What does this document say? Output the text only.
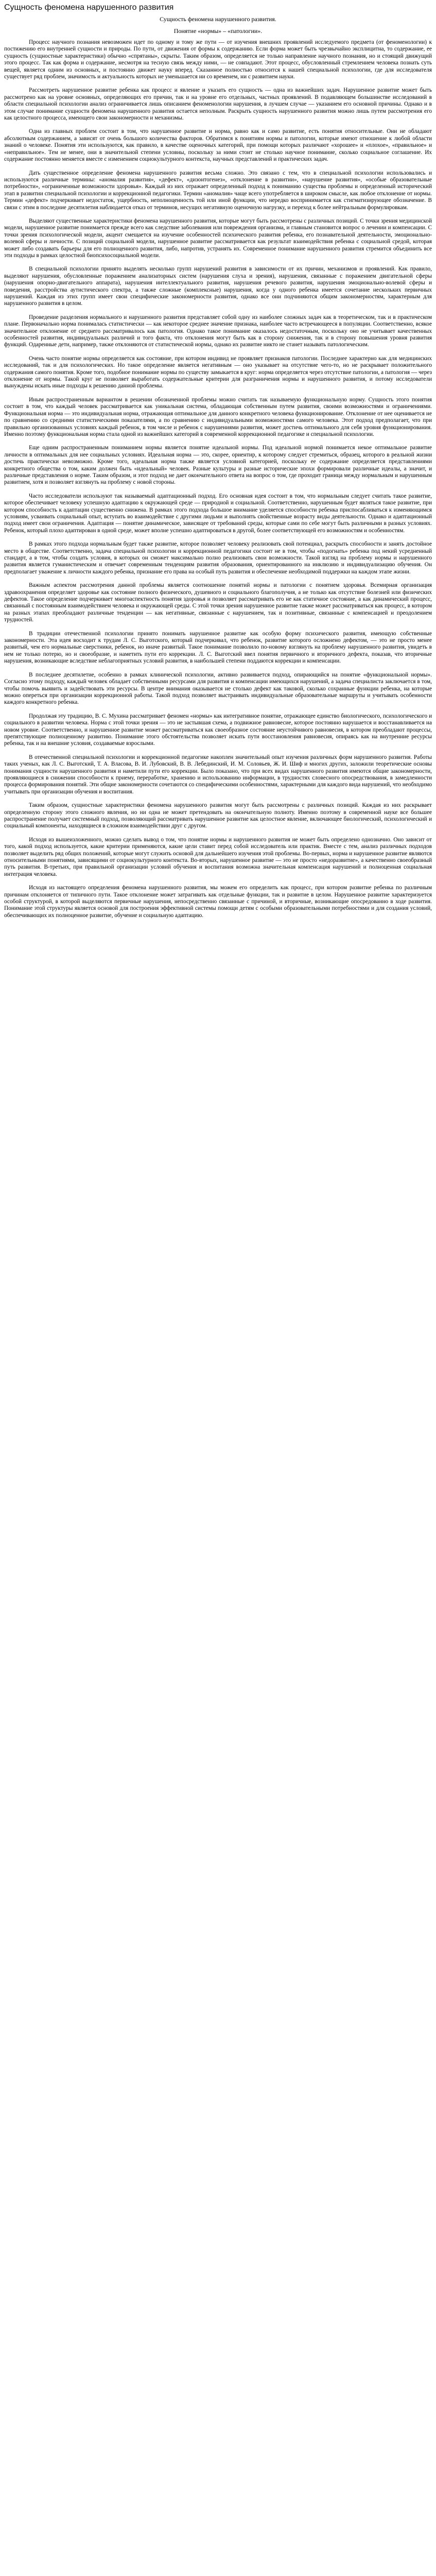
Сущность феномена нарушенного развития
Сущность феномена нарушенного развития.
Понятие «нормы» – «патологии».

Процесс научного познания невозможен идет по одному и тому же пути — от изучения внешних проявлений исследуемого предмета (от феноменологии) к постижению его внутренней сущности и природы. По пути, от движения от формы к содержанию. Если форма может быть чрезвычайно эксплицитна, то содержание, ее сущность (сущностные характеристики) обычно «спрятаны», скрыты. Таким образом, определяется не только направление научного познания, но и стоящий движущий этого процесс. Так как форма и содержание, несмотря на тесную связь между ними, — не совпадают. Этот процесс, обусловленный стремлением человека познать суть вещей, является одним из основных, и постоянно движет науку вперед. Сказанное полностью относится к нашей специальной психологии, где для исследователя существует ряд проблем, значимость и актуальность которых не уменьшается ни со временем, ни с развитием науки.

Рассмотреть нарушенное развитие ребенка как процесс и явление и указать его сущность — одна из важнейших задач. Нарушенное развитие может быть рассмотрено как на уровне основных, определяющих его причин, так и на уровне его отдельных, частных проявлений. В подавляющем большинстве исследований в области специальной психологии анализ ограничивается лишь описанием феноменологии нарушения, в лучшем случае — указанием его основной причины. Однако и в этом случае понимание сущности феномена нарушенного развития остается неполным. Раскрыть сущность нарушенного развития можно лишь путем рассмотрения его как целостного процесса, имеющего свои закономерности и механизмы.

Одна из главных проблем состоит в том, что нарушенное развитие и норма, равно как и само развитие, есть понятия относительные. Они не обладают абсолютным содержанием, а зависят от очень большого количества факторов. Обратимся к понятиям нормы и патологии, которые имеют отношение к любой области знаний о человеке. Понятия эти используются, как правило, в качестве оценочных категорий, при помощи которых различают «хорошее» и «плохое», «правильное» и «неправильное». Тем не менее, они в значительной степени условны, поскольку за ними стоит не столько научное понимание, сколько социальное соглашение. Их содержание постоянно меняется вместе с изменением социокультурного контекста, научных представлений и практических задач.

Дать существенное определение феномена нарушенного развития весьма сложно. Это связано с тем, что в специальной психологии использовались и используются различные термины: «аномалия развития», «дефект», «дизонтогенез», «отклонение в развитии», «нарушение развития», «особые образовательные потребности», «ограниченные возможности здоровья». Каждый из них отражает определенный подход к пониманию существа проблемы и определенный исторический этап в развитии специальной психологии и коррекционной педагогики. Термин «аномалия» чаще всего употребляется в широком смысле, как любое отклонение от нормы. Термин «дефект» подчеркивает недостаток, ущербность, неполноценность той или иной функции, что нередко воспринимается как стигматизирующее обозначение. В связи с этим в последние десятилетия наблюдается отказ от терминов, несущих негативную оценочную нагрузку, и переход к более нейтральным формулировкам.

Выделяют существенные характеристики феномена нарушенного развития, которые могут быть рассмотрены с различных позиций. С точки зрения медицинской модели, нарушенное развитие понимается прежде всего как следствие заболевания или повреждения организма, и главным становится вопрос о лечении и компенсации. С точки зрения психологической модели, акцент смещается на изучение особенностей психического развития ребенка, его познавательной деятельности, эмоционально-волевой сферы и личности. С позиций социальной модели, нарушенное развитие рассматривается как результат взаимодействия ребенка с социальной средой, которая может либо создавать барьеры для его полноценного развития, либо, напротив, устранять их. Современное понимание нарушенного развития стремится объединить все эти подходы в рамках целостной биопсихосоциальной модели.

В специальной психологии принято выделять несколько групп нарушений развития в зависимости от их причин, механизмов и проявлений. Как правило, выделяют нарушения, обусловленные поражением анализаторных систем (нарушения слуха и зрения), нарушения, связанные с поражением двигательной сферы (нарушения опорно-двигательного аппарата), нарушения интеллектуального развития, нарушения речевого развития, нарушения эмоционально-волевой сферы и поведения, расстройства аутистического спектра, а также сложные (комплексные) нарушения, когда у одного ребенка имеется сочетание нескольких первичных нарушений. Каждая из этих групп имеет свои специфические закономерности развития, однако все они подчиняются общим закономерностям, характерным для нарушенного развития в целом.

Проведение разделения нормального и нарушенного развития представляет собой одну из наиболее сложных задач как в теоретическом, так и в практическом плане. Первоначально норма понималась статистически — как некоторое среднее значение признака, наиболее часто встречающееся в популяции. Соответственно, всякое значительное отклонение от среднего рассматривалось как патология. Однако такое понимание оказалось недостаточным, поскольку оно не учитывает качественных особенностей развития, индивидуальных различий и того факта, что отклонения могут быть как в сторону снижения, так и в сторону повышения уровня развития функций. Одаренные дети, например, также отклоняются от статистической нормы, однако их развитие никто не станет называть патологическим.

Очень часто понятие нормы определяется как состояние, при котором индивид не проявляет признаков патологии. Последнее характерно как для медицинских исследований, так и для психологических. Но такое определение является негативным — оно указывает на отсутствие чего-то, но не раскрывает положительного содержания самого понятия. Кроме того, подобное понимание нормы по существу замыкается в круг: норма определяется через отсутствие патологии, а патология — через отклонение от нормы. Такой круг не позволяет выработать содержательные критерии для разграничения нормы и нарушенного развития, и потому исследователи вынуждены искать иные подходы к решению данной проблемы.

Иным распространенным вариантом в решении обозначенной проблемы можно считать так называемую функциональную норму. Сущность этого понятия состоит в том, что каждый человек рассматривается как уникальная система, обладающая собственным путем развития, своими возможностями и ограничениями. Функциональная норма — это индивидуальная норма, отражающая оптимальное для данного конкретного человека функционирование. Отклонение от нее оценивается не по сравнению со средними статистическими показателями, а по сравнению с индивидуальными возможностями самого человека. Этот подход предполагает, что при правильно организованных условиях каждый ребенок, в том числе и ребенок с нарушениями развития, может достичь оптимального для себя уровня функционирования. Именно поэтому функциональная норма стала одной из важнейших категорий в современной коррекционной педагогике и специальной психологии.

Еще одним распространенным пониманием нормы является понятие идеальной нормы. Под идеальной нормой понимается некое оптимальное развитие личности в оптимальных для нее социальных условиях. Идеальная норма — это, скорее, ориентир, к которому следует стремиться, образец, которого в реальной жизни достичь практически невозможно. Кроме того, идеальная норма также является условной категорией, поскольку ее содержание определяется представлениями конкретного общества о том, каким должен быть «идеальный» человек. Разные культуры и разные исторические эпохи формировали различные идеалы, а значит, и различные представления о норме. Таким образом, и этот подход не дает окончательного ответа на вопрос о том, где проходит граница между нормальным и нарушенным развитием, хотя и позволяет взглянуть на проблему с новой стороны.

Часто исследователи используют так называемый адаптационный подход. Его основная идея состоит в том, что нормальным следует считать такое развитие, которое обеспечивает человеку успешную адаптацию к окружающей среде — природной и социальной. Соответственно, нарушенным будет являться такое развитие, при котором способность к адаптации существенно снижена. В рамках этого подхода большое внимание уделяется способности ребенка приспосабливаться к изменяющимся условиям, усваивать социальный опыт, вступать во взаимодействие с другими людьми и выполнять свойственные возрасту виды деятельности. Однако и адаптационный подход имеет свои ограничения. Адаптация — понятие динамическое, зависящее от требований среды, которые сами по себе могут быть различными в разных условиях. Ребенок, который плохо адаптирован в одной среде, может вполне успешно адаптироваться в другой, более соответствующей его возможностям и особенностям.

В рамках этого подхода нормальным будет также развитие, которое позволяет человеку реализовать свой потенциал, раскрыть способности и занять достойное место в обществе. Соответственно, задача специальной психологии и коррекционной педагогики состоит не в том, чтобы «подогнать» ребенка под некий усредненный стандарт, а в том, чтобы создать условия, в которых он сможет максимально полно реализовать свои возможности. Такой взгляд на проблему нормы и нарушенного развития является гуманистическим и отвечает современным тенденциям развития образования, ориентированного на инклюзию и индивидуализацию обучения. Он предполагает уважение к личности каждого ребенка, признание его права на особый путь развития и обеспечение необходимой поддержки на каждом этапе жизни.

Важным аспектом рассмотрения данной проблемы является соотношение понятий нормы и патологии с понятием здоровья. Всемирная организация здравоохранения определяет здоровье как состояние полного физического, душевного и социального благополучия, а не только как отсутствие болезней или физических дефектов. Такое определение подчеркивает многоаспектность понятия здоровья и позволяет рассматривать его не как статичное состояние, а как динамический процесс, связанный с постоянным взаимодействием человека и окружающей среды. С этой точки зрения нарушенное развитие также может рассматриваться как процесс, в котором на разных этапах преобладают различные тенденции — как негативные, связанные с нарушением, так и позитивные, связанные с компенсацией и преодолением трудностей.

В традиции отечественной психологии принято понимать нарушенное развитие как особую форму психического развития, имеющую собственные закономерности. Эта идея восходит к трудам Л. С. Выготского, который подчеркивал, что ребенок, развитие которого осложнено дефектом, — это не просто менее развитый, чем его нормальные сверстники, ребенок, но иначе развитый. Такое понимание позволило по-новому взглянуть на проблему нарушенного развития, увидеть в нем не только потерю, но и своеобразие, и наметить пути его коррекции. Л. С. Выготский ввел понятия первичного и вторичного дефекта, показав, что вторичные нарушения, возникающие вследствие неблагоприятных условий развития, в наибольшей степени поддаются коррекции и компенсации.

В последнее десятилетие, особенно в рамках клинической психологии, активно развивается подход, опирающийся на понятие «функциональной нормы». Согласно этому подходу, каждый человек обладает собственными ресурсами для развития и компенсации имеющихся нарушений, а задача специалиста заключается в том, чтобы помочь выявить и задействовать эти ресурсы. В центре внимания оказывается не столько дефект как таковой, сколько сохранные функции ребенка, на которые можно опереться при организации коррекционной работы. Такой подход позволяет выстраивать индивидуальные образовательные маршруты и учитывать особенности каждого конкретного ребенка.

Продолжая эту традицию, В. С. Мухина рассматривает феномен «нормы» как интегративное понятие, отражающее единство биологического, психологического и социального в развитии человека. Норма с этой точки зрения — это не застывшая схема, а подвижное равновесие, которое постоянно нарушается и восстанавливается на новом уровне. Соответственно, и нарушенное развитие может рассматриваться как своеобразное состояние неустойчивого равновесия, в котором преобладают процессы, препятствующие полноценному развитию. Понимание этого обстоятельства позволяет искать пути восстановления равновесия, опираясь как на внутренние ресурсы ребенка, так и на внешние условия, создаваемые взрослыми.

В отечественной специальной психологии и коррекционной педагогике накоплен значительный опыт изучения различных форм нарушенного развития. Работы таких ученых, как Л. С. Выготский, Т. А. Власова, В. И. Лубовский, В. В. Лебединский, И. М. Соловьев, Ж. И. Шиф и многих других, заложили теоретические основы понимания сущности нарушенного развития и наметили пути его коррекции. Было показано, что при всех видах нарушенного развития имеются общие закономерности, проявляющиеся в снижении способности к приему, переработке, хранению и использованию информации, в трудностях словесного опосредствования, в замедленности процесса формирования понятий. Эти общие закономерности сочетаются со специфическими особенностями, характерными для каждого вида нарушений, что необходимо учитывать при организации обучения и воспитания.

Таким образом, сущностные характеристики феномена нарушенного развития могут быть рассмотрены с различных позиций. Каждая из них раскрывает определенную сторону этого сложного явления, но ни одна не может претендовать на окончательную полноту. Именно поэтому в современной науке все большее распространение получает системный подход, позволяющий рассматривать нарушенное развитие как целостное явление, включающее биологический, психологический и социальный компоненты, находящиеся в сложном взаимодействии друг с другом.

Исходя из вышеизложенного, можно сделать вывод о том, что понятие нормы и нарушенного развития не может быть определено однозначно. Оно зависит от того, какой подход используется, какие критерии применяются, какие цели ставит перед собой исследователь или практик. Вместе с тем, анализ различных подходов позволяет выделить ряд общих положений, которые могут служить основой для дальнейшего изучения этой проблемы. Во-первых, норма и нарушенное развитие являются относительными понятиями, зависящими от социокультурного контекста. Во-вторых, нарушенное развитие — это не просто «недоразвитие», а качественно своеобразный путь развития. В-третьих, при правильной организации условий обучения и воспитания возможна значительная компенсация нарушений и полноценная социальная интеграция человека.

Исходя из настоящего определения феномена нарушенного развития, мы можем его определить как процесс, при котором развитие ребенка по различным причинам отклоняется от типичного пути. Такое отклонение может затрагивать как отдельные функции, так и развитие в целом. Нарушенное развитие характеризуется особой структурой, в которой выделяются первичные нарушения, непосредственно связанные с причиной, и вторичные, возникающие опосредованно в ходе развития. Понимание этой структуры является основой для построения эффективной системы помощи детям с особыми образовательными потребностями и для создания условий, обеспечивающих их полноценное развитие, обучение и социальную адаптацию.
